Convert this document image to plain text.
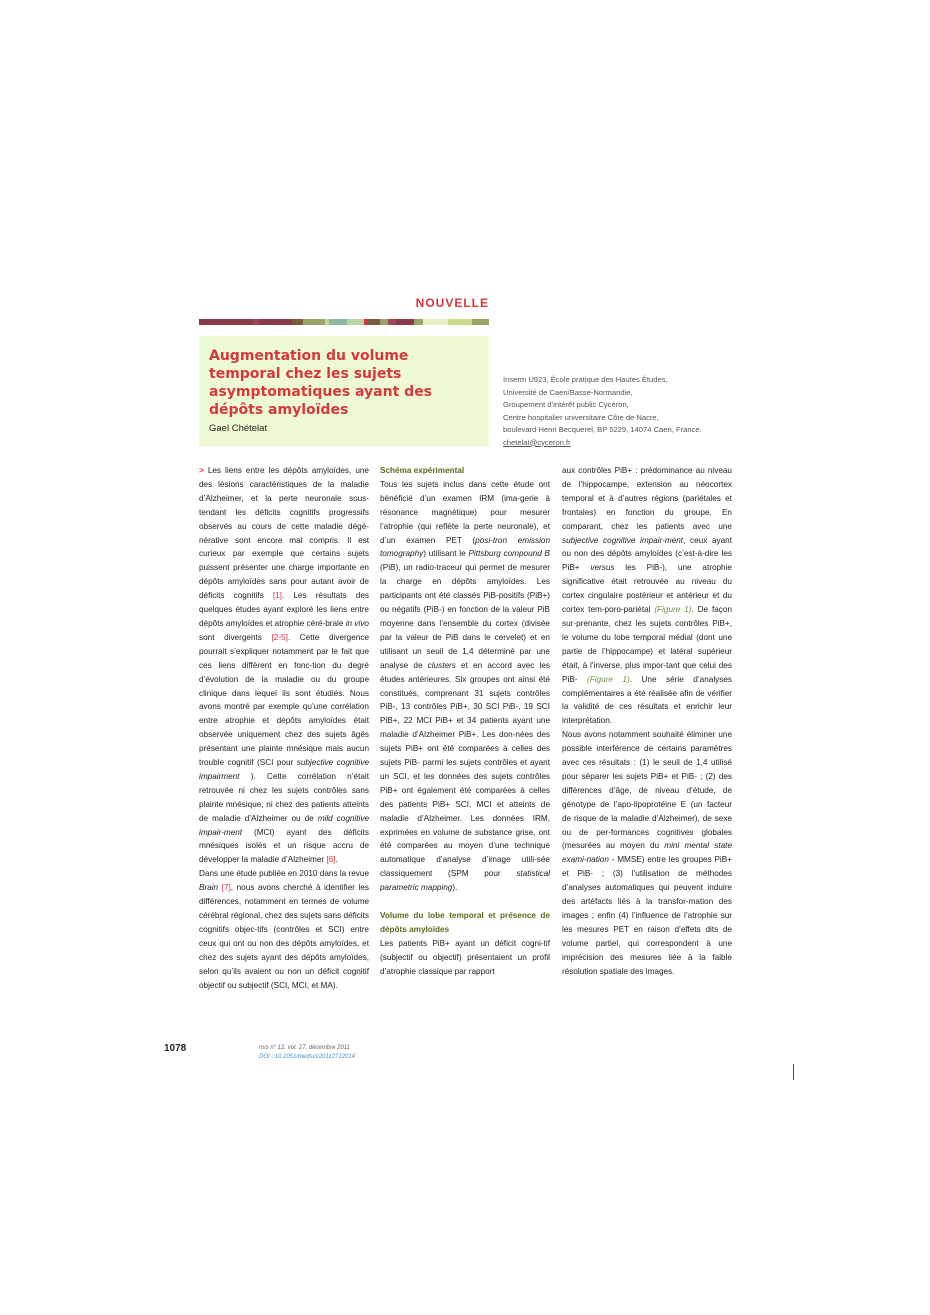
NOUVELLE
Augmentation du volume temporal chez les sujets asymptomatiques ayant des dépôts amyloïdes
Gael Chételat
Inserm U923, École pratique des Hautes Études,
Université de Caen/Basse-Normandie,
Groupement d’intérêt public Cycéron,
Centre hospitalier universitaire Côte de Nacre,
boulevard Henri Becquerel, BP 5229, 14074 Caen, France.
chetelat@cyceron.fr

> Les liens entre les dépôts amyloïdes, une des lésions caractéristiques de la maladie d’Alzheimer, et la perte neuronale sous-tendant les déficits cognitifs progressifs observés au cours de cette maladie dégé-nérative sont encore mal compris. Il est curieux par exemple que certains sujets puissent présenter une charge importante en dépôts amyloïdes sans pour autant avoir de déficits cognitifs [1]. Les résultats des quelques études ayant exploré les liens entre dépôts amyloïdes et atrophie céré-brale in vivo sont divergents [2-5]. Cette divergence pourrait s’expliquer notamment par le fait que ces liens diffèrent en fonc-tion du degré d’évolution de la maladie ou du groupe clinique dans lequel ils sont étudiés. Nous avons montré par exemple qu’une corrélation entre atrophie et dépôts amyloïdes était observée uniquement chez des sujets âgés présentant une plainte mnésique mais aucun trouble cognitif (SCI pour subjective cognitive impairment ). Cette corrélation n’était retrouvée ni chez les sujets contrôles sans plainte mnésique, ni chez des patients atteints de maladie d’Alzheimer ou de mild cognitive impair-ment (MCI) ayant des déficits mnésiques isolés et un risque accru de développer la maladie d’Alzheimer [6].

Dans une étude publiée en 2010 dans la revue Brain [7], nous avons cherché à identifier les différences, notamment en termes de volume cérébral régional, chez des sujets sans déficits cognitifs objec-tifs (contrôles et SCI) entre ceux qui ont ou non des dépôts amyloïdes, et chez des sujets ayant des dépôts amyloïdes, selon qu’ils avaient ou non un déficit cognitif objectif ou subjectif (SCI, MCI, et MA).

Schéma expérimental

Tous les sujets inclus dans cette étude ont bénéficié d’un examen IRM (ima-gerie à résonance magnétique) pour mesurer l’atrophie (qui reflète la perte neuronale), et d’un examen PET (posi-tron emission tomography) utilisant le Pittsburg compound B (PiB), un radio-traceur qui permet de mesurer la charge en dépôts amyloïdes. Les participants ont été classés PiB-positifs (PiB+) ou négatifs (PiB-) en fonction de la valeur PiB moyenne dans l’ensemble du cortex (divisée par la valeur de PiB dans le cervelet) et en utilisant un seuil de 1,4 déterminé par une analyse de clusters et en accord avec les études antérieures. Six groupes ont ainsi été constitués, comprenant 31 sujets contrôles PiB-, 13 contrôles PiB+, 30 SCI PiB-, 19 SCI PiB+, 22 MCI PiB+ et 34 patients ayant une maladie d’Alzheimer PiB+. Les don-nées des sujets PiB+ ont été comparées à celles des sujets PiB- parmi les sujets contrôles et ayant un SCI, et les données des sujets contrôles PiB+ ont également été comparées à celles des patients PiB+ SCI, MCI et atteints de maladie d’Alzheimer. Les données IRM, exprimées en volume de substance grise, ont été comparées au moyen d’une technique automatique d’analyse d’image utili-sée classiquement (SPM pour statistical parametric mapping).

Volume du lobe temporal et présence de dépôts amyloïdes

Les patients PiB+ ayant un déficit cogni-tif (subjectif ou objectif) présentaient un profil d’atrophie classique par rapport

aux contrôles PiB+ : prédominance au niveau de l’hippocampe, extension au néocortex temporal et à d’autres régions (pariétales et frontales) en fonction du groupe. En comparant, chez les patients avec une subjective cognitive impair-ment, ceux ayant ou non des dépôts amyloïdes (c’est-à-dire les PiB+ versus les PiB-), une atrophie significative était retrouvée au niveau du cortex cingulaire postérieur et antérieur et du cortex tem-poro-pariétal (Figure 1). De façon sur-prenante, chez les sujets contrôles PiB+, le volume du lobe temporal médial (dont une partie de l’hippocampe) et latéral supérieur était, à l’inverse, plus impor-tant que celui des PiB- (Figure 1). Une série d’analyses complémentaires a été réalisée afin de vérifier la validité de ces résultats et enrichir leur interprétation.

Nous avons notamment souhaité éliminer une possible interférence de certains paramètres avec ces résultats : (1) le seuil de 1,4 utilisé pour séparer les sujets PiB+ et PiB- ; (2) des différences d’âge, de niveau d’étude, de génotype de l’apo-lipoprotéine E (un facteur de risque de la maladie d’Alzheimer), de sexe ou de per-formances cognitives globales (mesurées au moyen du mini mental state exami-nation - MMSE) entre les groupes PiB+ et PiB- ; (3) l’utilisation de méthodes d’analyses automatiques qui peuvent induire des artéfacts liés à la transfor-mation des images ; enfin (4) l’influence de l’atrophie sur les mesures PET en raison d’effets dits de volume partiel, qui correspondent à une imprécision des mesures liée à la faible résolution spatiale des images.

1078	m/s n° 12, vol. 27, décembre 2011
DOI : 10.1051/medsci/20112712014
